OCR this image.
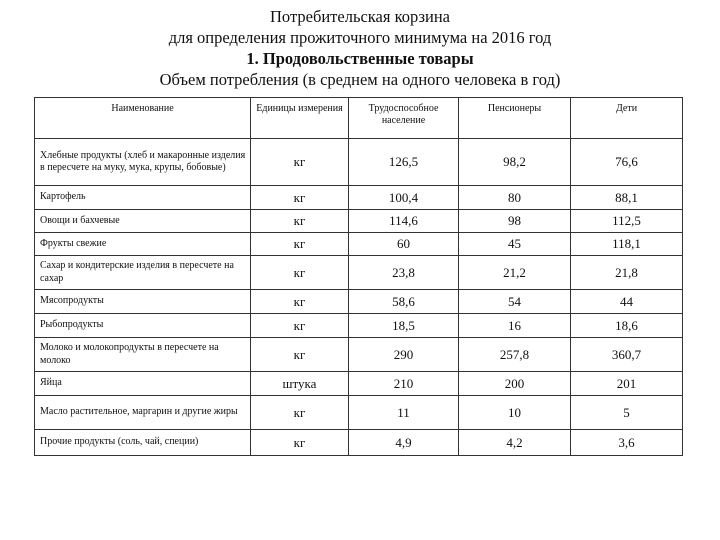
Потребительская корзина
для определения прожиточного минимума на 2016 год
1. Продовольственные товары
Объем потребления (в среднем на одного человека в год)
Наименование	Единицы измерения	Трудоспособное население	Пенсионеры	Дети
Хлебные продукты (хлеб и макаронные изделия в пересчете на муку, мука, крупы, бобовые)	кг	126,5	98,2	76,6
Картофель	кг	100,4	80	88,1
Овощи и бахчевые	кг	114,6	98	112,5
Фрукты свежие	кг	60	45	118,1
Сахар и кондитерские изделия в пересчете на сахар	кг	23,8	21,2	21,8
Мясопродукты	кг	58,6	54	44
Рыбопродукты	кг	18,5	16	18,6
Молоко и молокопродукты в пересчете на молоко	кг	290	257,8	360,7
Яйца	штука	210	200	201
Масло растительное, маргарин и другие жиры	кг	11	10	5
Прочие продукты (соль, чай, специи)	кг	4,9	4,2	3,6
